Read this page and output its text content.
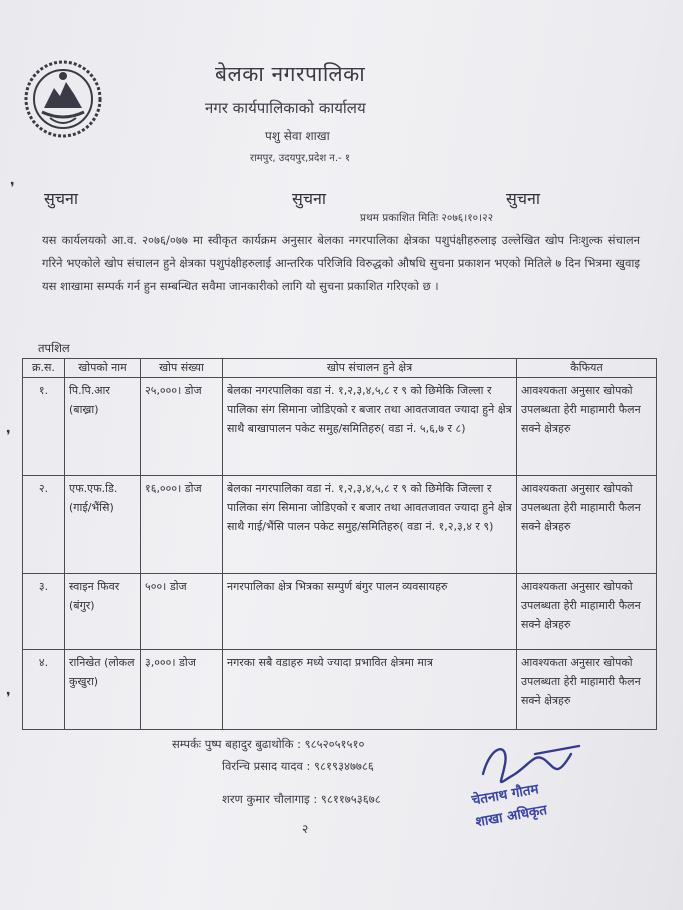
बेलका नगरपालिका
नगर कार्यपालिकाको कार्यालय
पशु सेवा शाखा
रामपुर, उदयपुर,प्रदेश न.- १
❜
सुचना	सुचना	सुचना
प्रथम प्रकाशित मितिः २०७६।१०।२२
यस कार्यलयको आ.व. २०७६/०७७ मा स्वीकृत कार्यक्रम अनुसार बेलका नगरपालिका क्षेत्रका पशुपंक्षीहरुलाइ उल्लेखित खोप निःशुल्क संचालन गरिने भएकोले खोप संचालन हुने क्षेत्रका पशुपंक्षीहरुलाई आन्तरिक परिजिवि विरुद्धको औषधि सुचना प्रकाशन भएको मितिले ७ दिन भित्रमा खुवाइ यस शाखामा सम्पर्क गर्न हुन सम्बन्धित सवैमा जानकारीको लागि यो सुचना प्रकाशित गरिएको छ ।
तपशिल
क्र.स.	खोपको नाम	खोप संख्या	खोप संचालन हुने क्षेत्र	कैफियत
१.	पि.पि.आर (बाख्रा)	२५,०००। डोज	बेलका नगरपालिका वडा नं. १,२,३,४,५,८ र ९ को छिमेकि जिल्ला र पालिका संग सिमाना जोडिएको र बजार तथा आवतजावत ज्यादा हुने क्षेत्र साथै बाखापालन पकेट समुह/समितिहरु( वडा नं. ५,६,७ र ८)	आवश्यकता अनुसार खोपको उपलब्धता हेरी माहामारी फैलन सक्ने क्षेत्रहरु
२.	एफ.एफ.डि. (गाई/भैंसि)	१६,०००। डोज	बेलका नगरपालिका वडा नं. १,२,३,४,५,८ र ९ को छिमेकि जिल्ला र पालिका संग सिमाना जोडिएको र बजार तथा आवतजावत ज्यादा हुने क्षेत्र साथै गाई/भैंसि पालन पकेट समुह/समितिहरु( वडा नं. १,२,३,४ र ९)	आवश्यकता अनुसार खोपको उपलब्धता हेरी माहामारी फैलन सक्ने क्षेत्रहरु
३.	स्वाइन फिवर (बंगुर)	५००। डोज	नगरपालिका क्षेत्र भित्रका सम्पुर्ण बंगुर पालन व्यवसायहरु	आवश्यकता अनुसार खोपको उपलब्धता हेरी माहामारी फैलन सक्ने क्षेत्रहरु
४.	रानिखेत (लोकल कुखुरा)	३,०००। डोज	नगरका सबै वडाहरु मध्ये ज्यादा प्रभावित क्षेत्रमा मात्र	आवश्यकता अनुसार खोपको उपलब्धता हेरी माहामारी फैलन सक्ने क्षेत्रहरु
❜
❜
सम्पर्कः पुष्प बहादुर बुढाथोकि : ९८५२०५१५१०
विरन्चि प्रसाद यादव : ९८१९३४७७८६
शरण कुमार चौलागाइ : ९८११७५३६७८
२
चेतनाथ गौतम
शाखा अधिकृत
